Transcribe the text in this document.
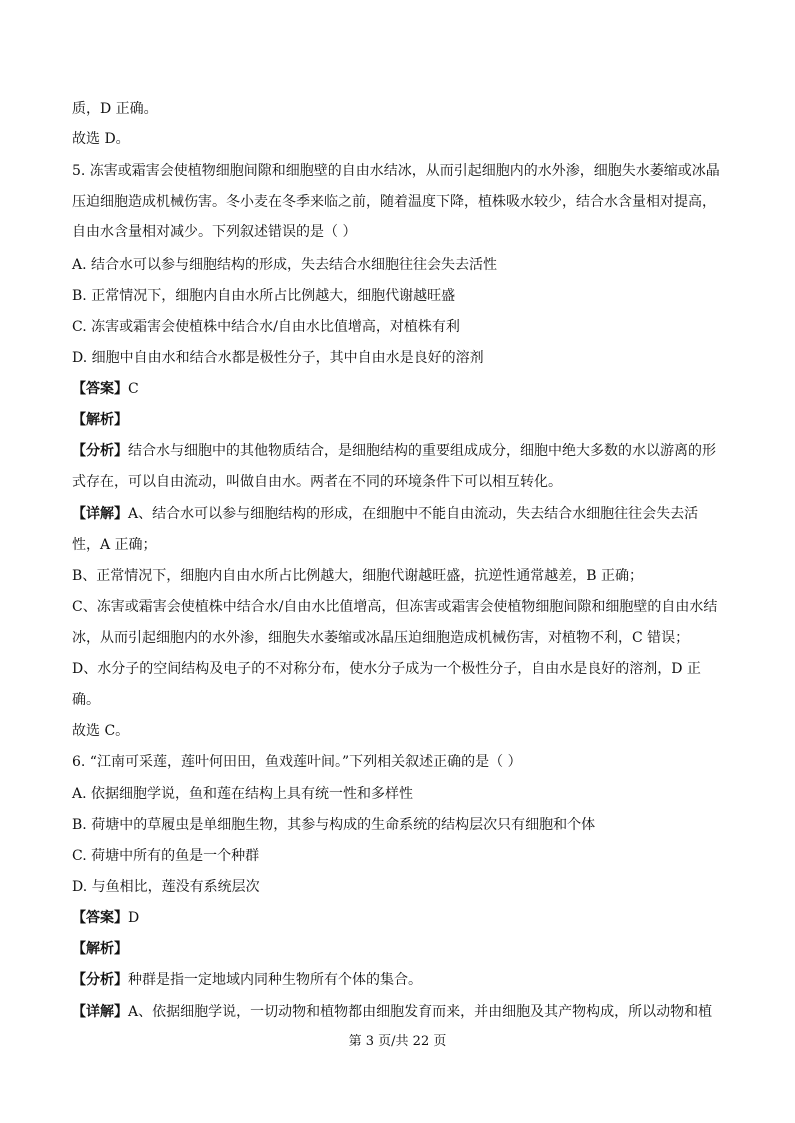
质，D 正确。
故选 D。
5. 冻害或霜害会使植物细胞间隙和细胞壁的自由水结冰，从而引起细胞内的水外渗，细胞失水萎缩或冰晶
压迫细胞造成机械伤害。冬小麦在冬季来临之前，随着温度下降，植株吸水较少，结合水含量相对提高，
自由水含量相对减少。下列叙述错误的是（ ）
A. 结合水可以参与细胞结构的形成，失去结合水细胞往往会失去活性
B. 正常情况下，细胞内自由水所占比例越大，细胞代谢越旺盛
C. 冻害或霜害会使植株中结合水/自由水比值增高，对植株有利
D. 细胞中自由水和结合水都是极性分子，其中自由水是良好的溶剂
【答案】C
【解析】
【分析】结合水与细胞中的其他物质结合，是细胞结构的重要组成成分，细胞中绝大多数的水以游离的形
式存在，可以自由流动，叫做自由水。两者在不同的环境条件下可以相互转化。
【详解】A、结合水可以参与细胞结构的形成，在细胞中不能自由流动，失去结合水细胞往往会失去活
性，A 正确；
B、正常情况下，细胞内自由水所占比例越大，细胞代谢越旺盛，抗逆性通常越差，B 正确；
C、冻害或霜害会使植株中结合水/自由水比值增高，但冻害或霜害会使植物细胞间隙和细胞壁的自由水结
冰，从而引起细胞内的水外渗，细胞失水萎缩或冰晶压迫细胞造成机械伤害，对植物不利，C 错误；
D、水分子的空间结构及电子的不对称分布，使水分子成为一个极性分子，自由水是良好的溶剂，D 正
确。
故选 C。
6. “江南可采莲，莲叶何田田，鱼戏莲叶间。”下列相关叙述正确的是（ ）
A. 依据细胞学说，鱼和莲在结构上具有统一性和多样性
B. 荷塘中的草履虫是单细胞生物，其参与构成的生命系统的结构层次只有细胞和个体
C. 荷塘中所有的鱼是一个种群
D. 与鱼相比，莲没有系统层次
【答案】D
【解析】
【分析】种群是指一定地域内同种生物所有个体的集合。
【详解】A、依据细胞学说，一切动物和植物都由细胞发育而来，并由细胞及其产物构成，所以动物和植
第 3 页/共 22 页
